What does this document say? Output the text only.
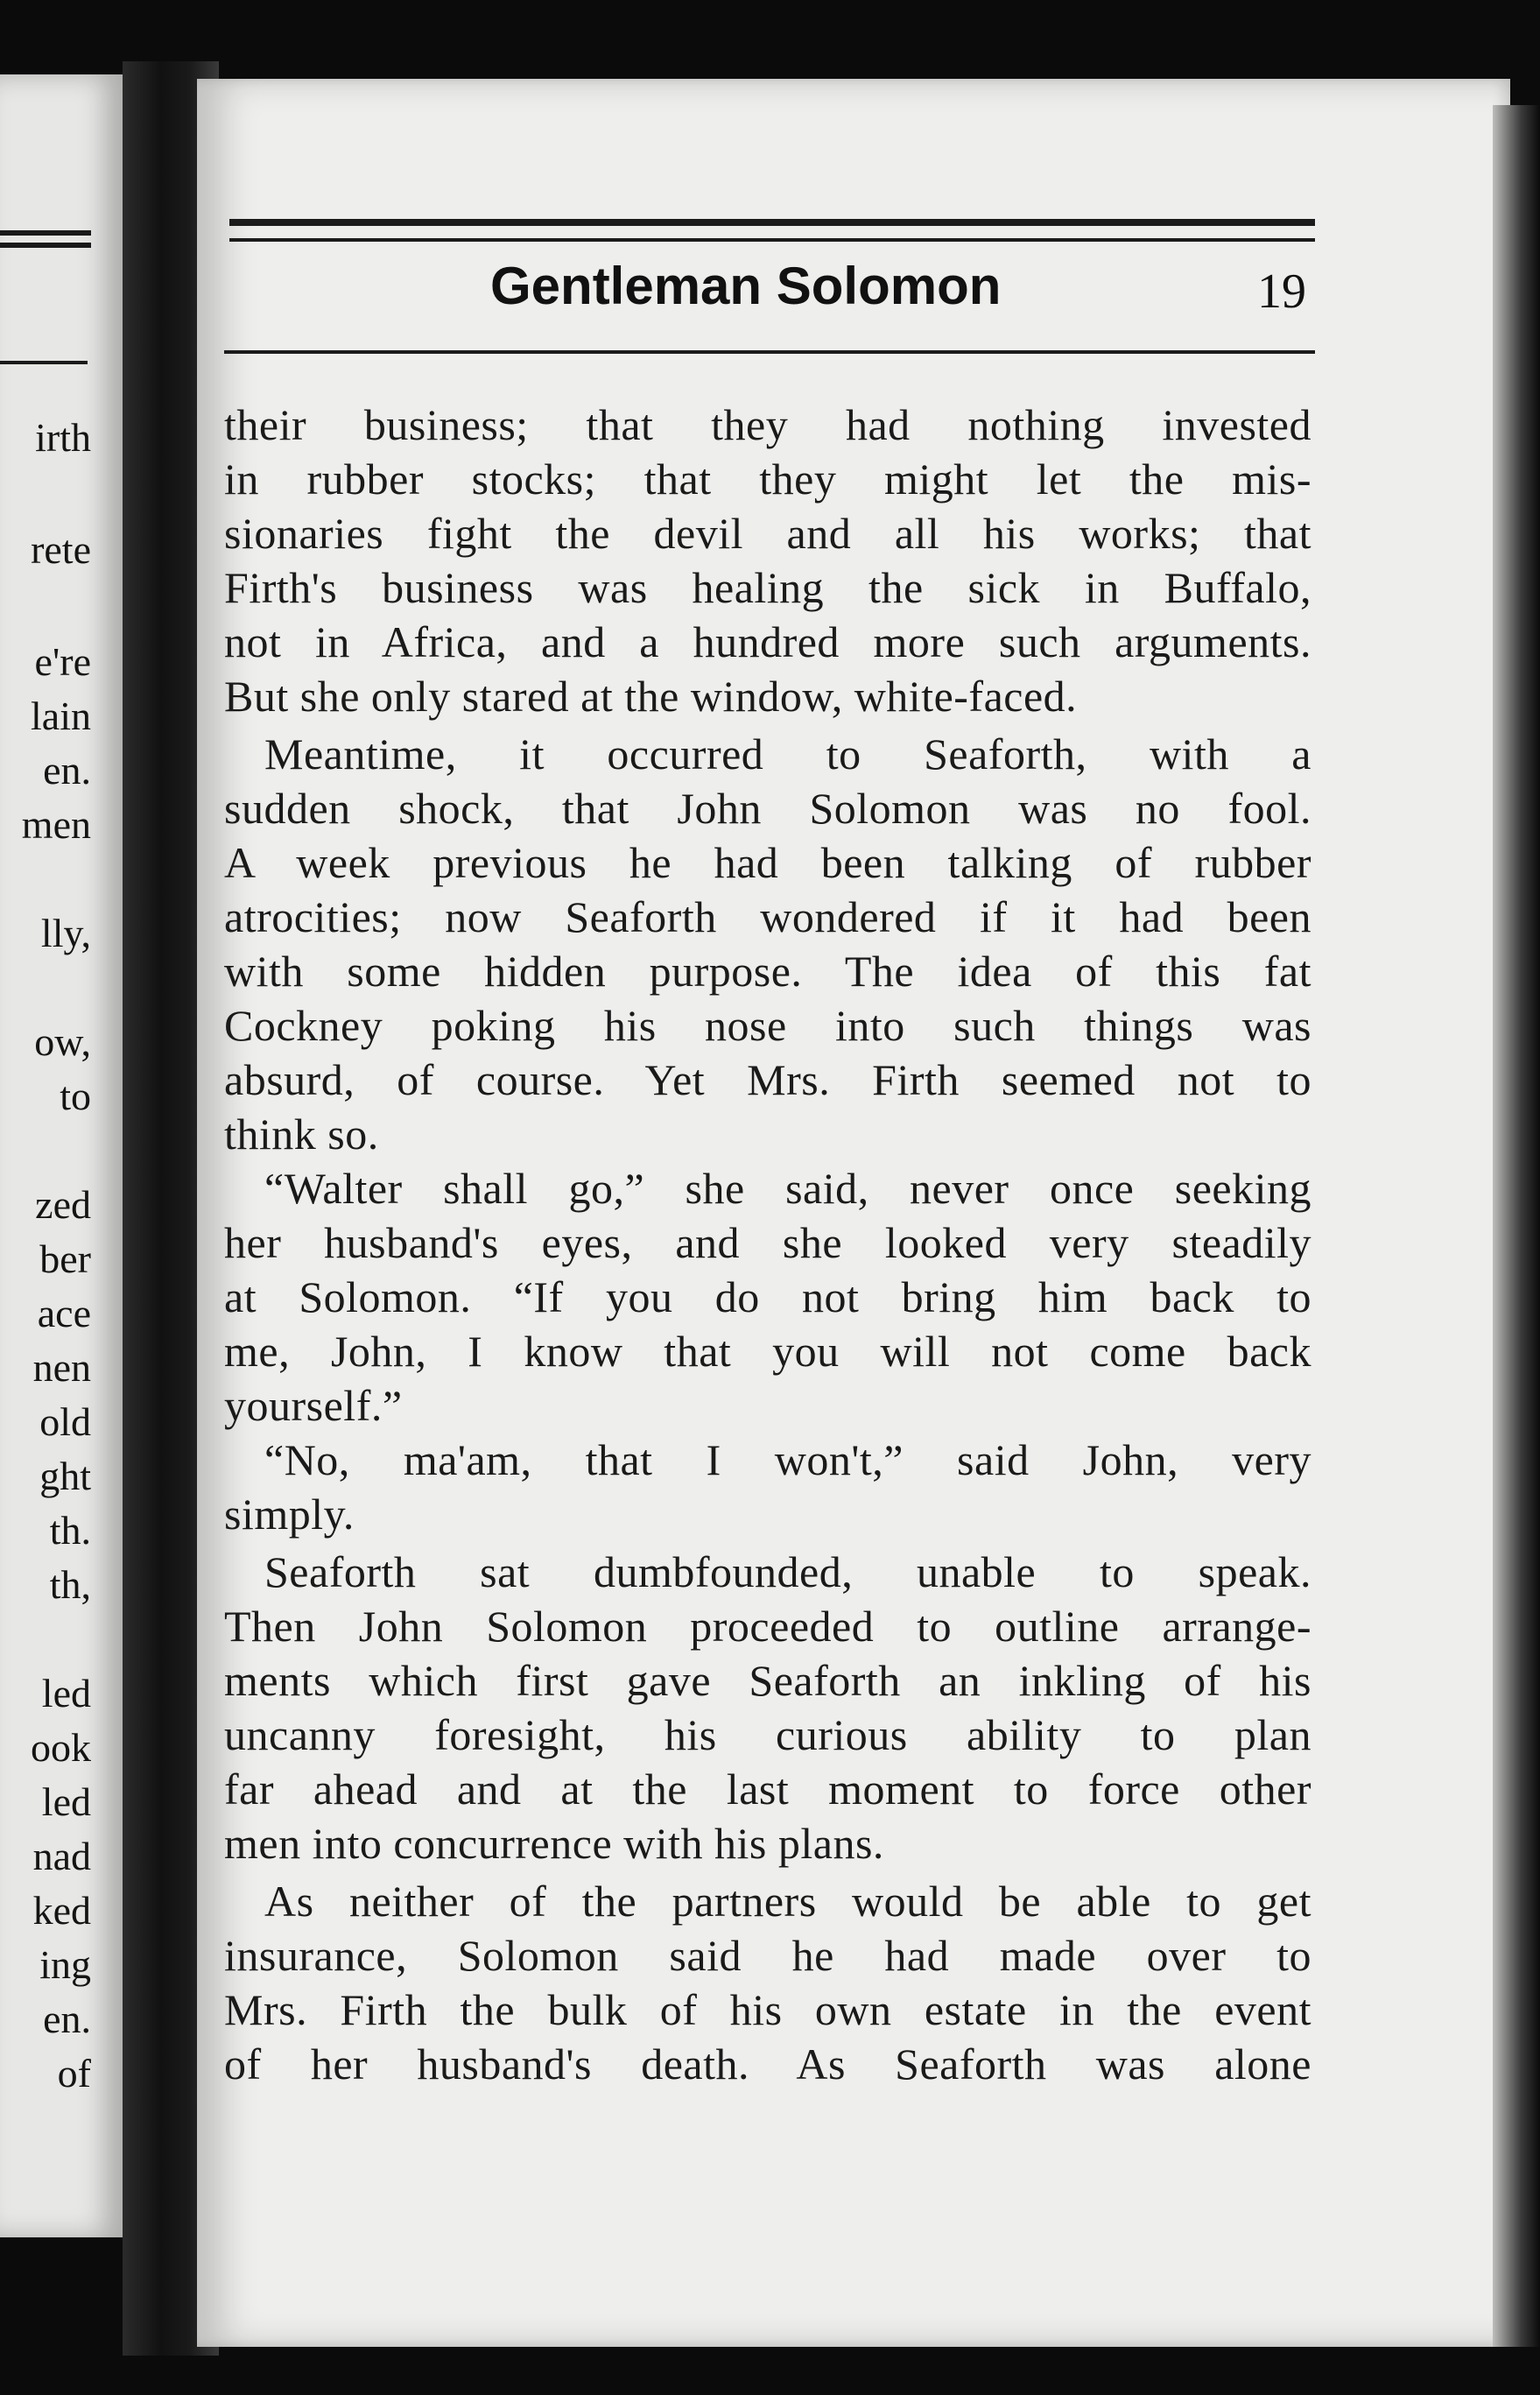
irth
rete
e're
lain
en.
men
lly,
ow,
to
zed
ber
ace
nen
old
ght
th.
th,
led
ook
led
nad
ked
ing
en.
of
Gentleman Solomon	19
their business; that they had nothing invested
in rubber stocks; that they might let the mis-
sionaries fight the devil and all his works; that
Firth's business was healing the sick in Buffalo,
not in Africa, and a hundred more such arguments.
But she only stared at the window, white-faced.
Meantime, it occurred to Seaforth, with a
sudden shock, that John Solomon was no fool.
A week previous he had been talking of rubber
atrocities; now Seaforth wondered if it had been
with some hidden purpose. The idea of this fat
Cockney poking his nose into such things was
absurd, of course. Yet Mrs. Firth seemed not to
think so.
“Walter shall go,” she said, never once seeking
her husband's eyes, and she looked very steadily
at Solomon. “If you do not bring him back to
me, John, I know that you will not come back
yourself.”
“No, ma'am, that I won't,” said John, very
simply.
Seaforth sat dumbfounded, unable to speak.
Then John Solomon proceeded to outline arrange-
ments which first gave Seaforth an inkling of his
uncanny foresight, his curious ability to plan
far ahead and at the last moment to force other
men into concurrence with his plans.
As neither of the partners would be able to get
insurance, Solomon said he had made over to
Mrs. Firth the bulk of his own estate in the event
of her husband's death. As Seaforth was alone
